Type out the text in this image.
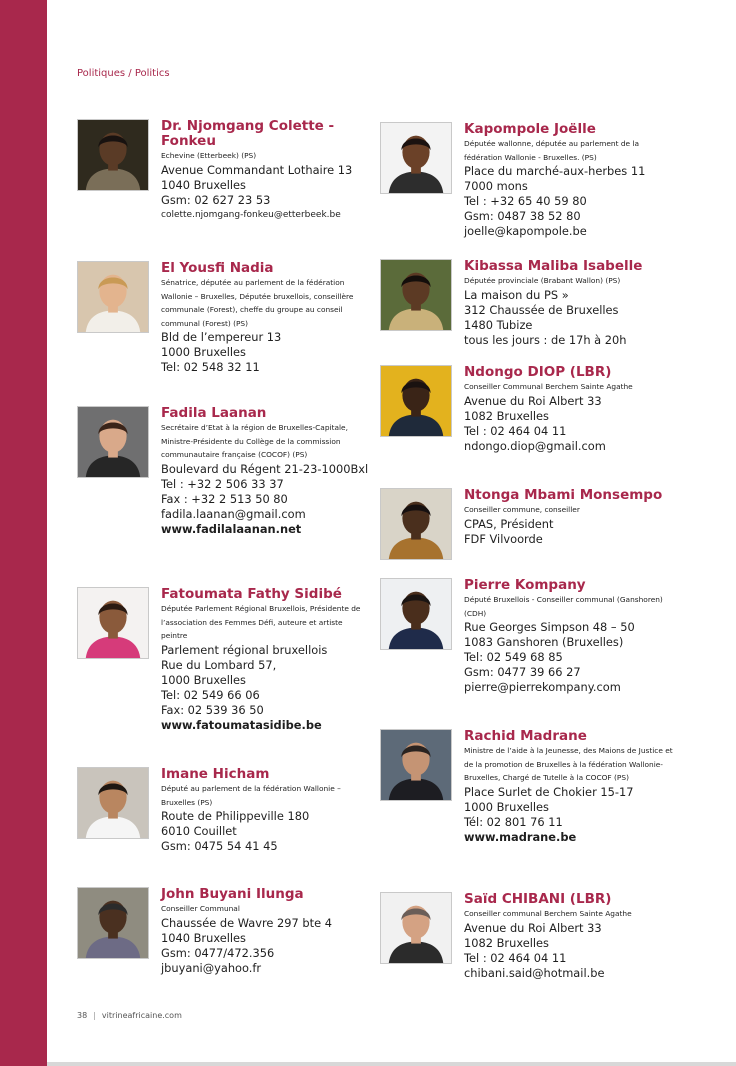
Politiques / Politics
Dr. Njomgang Colette - Fonkeu
Echevine (Etterbeek) (PS)
Avenue Commandant Lothaire 13
1040 Bruxelles
Gsm: 02 627 23 53
colette.njomgang-fonkeu@etterbeek.be
El Yousfi Nadia
Sénatrice, députée au parlement de la fédération Wallonie – Bruxelles, Députée bruxellois, conseillère communale (Forest), cheffe du groupe au conseil communal (Forest) (PS)
Bld de l’empereur 13
1000 Bruxelles
Tel: 02 548 32 11
Fadila Laanan
Secrétaire d’Etat à la région de Bruxelles-Capitale, Ministre-Présidente du Collège de la commission communautaire française (COCOF) (PS)
Boulevard du Régent 21-23-1000Bxl
Tel : +32 2 506 33 37
Fax : +32 2 513 50 80
fadila.laanan@gmail.com
www.fadilalaanan.net
Fatoumata Fathy Sidibé
Députée Parlement Régional Bruxellois, Présidente de l’association des Femmes Défi, auteure et artiste peintre
Parlement régional bruxellois
Rue du Lombard 57,
1000 Bruxelles
Tel: 02 549 66 06
Fax: 02 539 36 50
www.fatoumatasidibe.be
Imane Hicham
Député au parlement de la fédération Wallonie – Bruxelles (PS)
Route de Philippeville 180
6010 Couillet
Gsm: 0475 54 41 45
John Buyani Ilunga
Conseiller Communal
Chaussée de Wavre 297 bte 4
1040 Bruxelles
Gsm: 0477/472.356
jbuyani@yahoo.fr
Kapompole Joëlle
Députée wallonne, députée au parlement de la fédération Wallonie - Bruxelles. (PS)
Place du marché-aux-herbes 11
7000 mons
Tel : +32 65 40 59 80
Gsm: 0487 38 52 80
joelle@kapompole.be
Kibassa Maliba Isabelle
Députée provinciale (Brabant Wallon) (PS)
La maison du PS »
312 Chaussée de Bruxelles
1480 Tubize
tous les jours : de 17h à 20h
Ndongo DIOP (LBR)
Conseiller Communal Berchem Sainte Agathe
Avenue du Roi Albert 33
1082 Bruxelles
Tel : 02 464 04 11
ndongo.diop@gmail.com
Ntonga Mbami Monsempo
Conseiller commune, conseiller
CPAS, Président
FDF Vilvoorde
Pierre Kompany
Député Bruxellois - Conseiller communal (Ganshoren) (CDH)
Rue Georges Simpson 48 – 50
1083 Ganshoren (Bruxelles)
Tel: 02 549 68 85
Gsm: 0477 39 66 27
pierre@pierrekompany.com
Rachid Madrane
Ministre de l’aide à la Jeunesse, des Maions de Justice et de la promotion de Bruxelles à la fédération Wallonie-Bruxelles, Chargé de Tutelle à la COCOF (PS)
Place Surlet de Chokier 15-17
1000 Bruxelles
Tél: 02 801 76 11
www.madrane.be
Saïd CHIBANI (LBR)
Conseiller communal Berchem Sainte Agathe
Avenue du Roi Albert 33
1082 Bruxelles
Tel : 02 464 04 11
chibani.said@hotmail.be
38 | vitrineafricaine.com
